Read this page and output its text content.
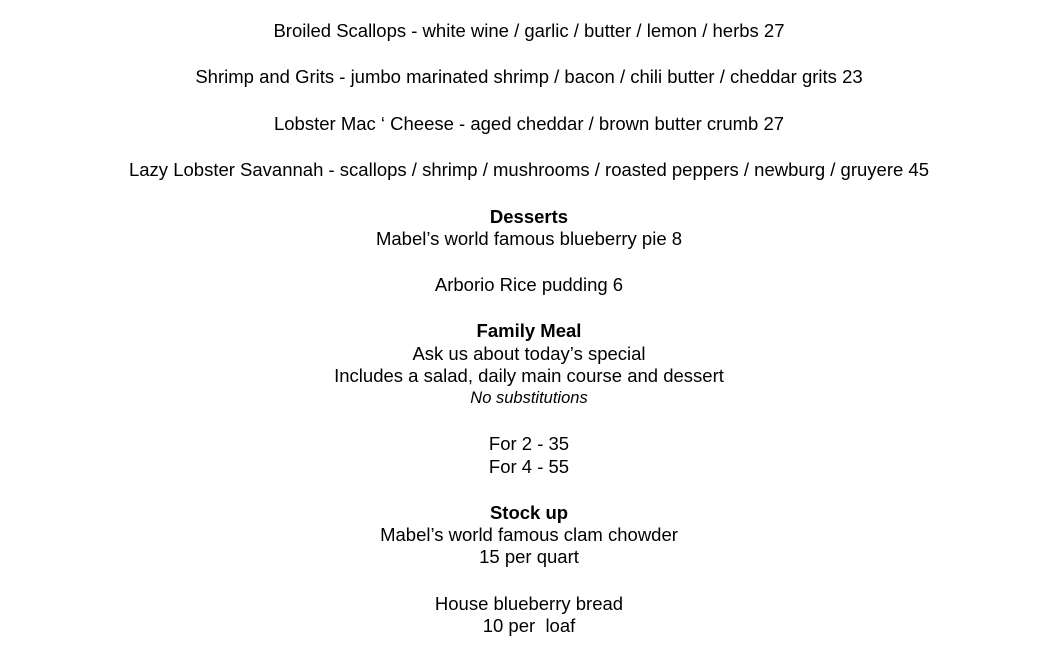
Broiled Scallops - white wine / garlic / butter / lemon / herbs 27
Shrimp and Grits - jumbo marinated shrimp / bacon / chili butter / cheddar grits 23
Lobster Mac ‘ Cheese - aged cheddar / brown butter crumb 27
Lazy Lobster Savannah - scallops / shrimp / mushrooms / roasted peppers / newburg / gruyere 45
Desserts
Mabel’s world famous blueberry pie 8
Arborio Rice pudding 6
Family Meal
Ask us about today’s special
Includes a salad, daily main course and dessert
No substitutions
For 2 - 35
For 4 - 55
Stock up
Mabel’s world famous clam chowder
15 per quart
House blueberry bread
10 per  loaf
